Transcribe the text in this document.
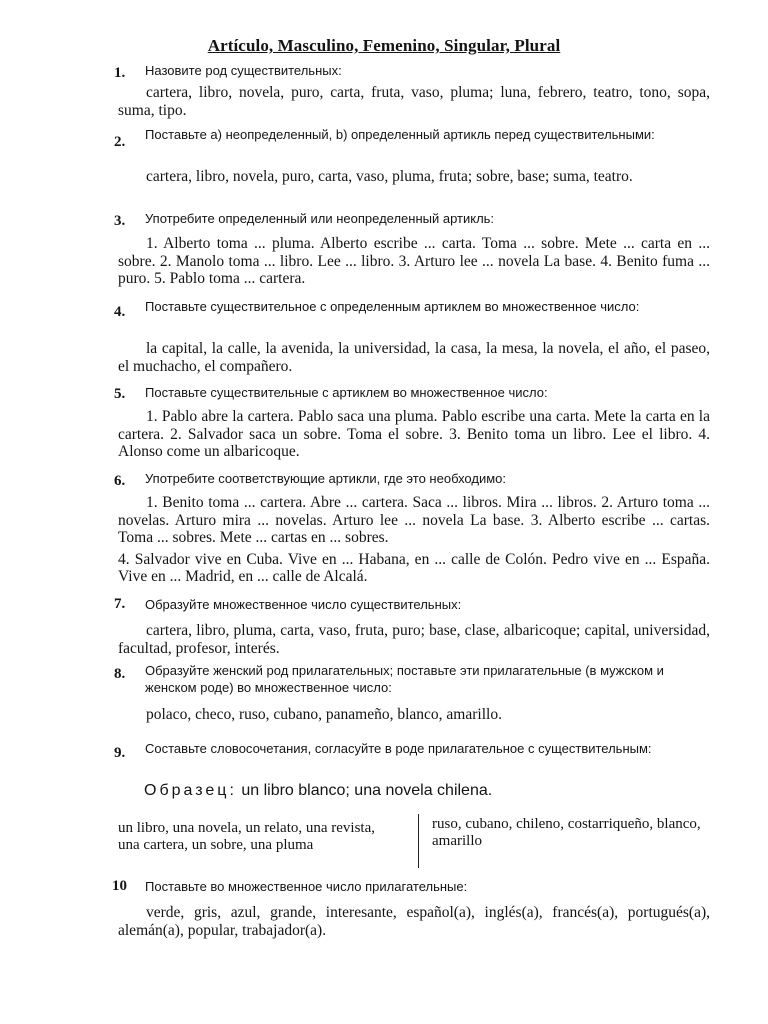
Artículo, Masculino, Femenino, Singular, Plural
1. Назовите род существительных:

cartera, libro, novela, puro, carta, fruta, vaso, pluma; luna, febrero, teatro, tono, sopa, suma, tipo.

2. Поставьте а) неопределенный, b) определенный артикль перед существительными:

cartera, libro, novela, puro, carta, vaso, pluma, fruta; sobre, base; suma, teatro.

3. Употребите определенный или неопределенный артикль:

1. Alberto toma ... pluma. Alberto escribe ... carta. Toma ... sobre. Mete ... carta en ... sobre. 2. Manolo toma ... libro. Lee ... libro. 3. Arturo lee ... novela La base. 4. Benito fuma ... puro. 5. Pablo toma ... cartera.

4. Поставьте существительное с определенным артиклем во множественное число:

la capital, la calle, la avenida, la universidad, la casa, la mesa, la novela, el año, el paseo, el muchacho, el compañero.

5. Поставьте существительные с артиклем во множественное число:

1. Pablo abre la cartera. Pablo saca una pluma. Pablo escribe una carta. Mete la carta en la cartera. 2. Salvador saca un sobre. Toma el sobre. 3. Benito toma un libro. Lee el libro. 4. Alonso come un albaricoque.

6. Употребите соответствующие артикли, где это необходимо:

1. Benito toma ... cartera. Abre ... cartera. Saca ... libros. Mira ... libros. 2. Arturo toma ... novelas. Arturo mira ... novelas. Arturo lee ... novela La base. 3. Alberto escribe ... cartas. Toma ... sobres. Mete ... cartas en ... sobres.

4. Salvador vive en Cuba. Vive en ... Habana, en ... calle de Colón. Pedro vive en ... España. Vive en ... Madrid, en ... calle de Alcalá.

7. Образуйте множественное число существительных:

cartera, libro, pluma, carta, vaso, fruta, puro; base, clase, albaricoque; capital, universidad, facultad, profesor, interés.

8. Образуйте женский род прилагательных; поставьте эти прилагательные (в мужском и женском роде) во множественное число:

polaco, checo, ruso, cubano, panameño, blanco, amarillo.

9. Составьте словосочетания, согласуйте в роде прилагательное с существительным:
Образец: un libro blanco; una novela chilena.
un libro, una novela, un relato, una revista, una cartera, un sobre, una pluma
ruso, cubano, chileno, costarriqueño, blanco, amarillo
10 Поставьте во множественное число прилагательные:

verde, gris, azul, grande, interesante, español(a), inglés(a), francés(a), portugués(a), alemán(a), popular, trabajador(a).
